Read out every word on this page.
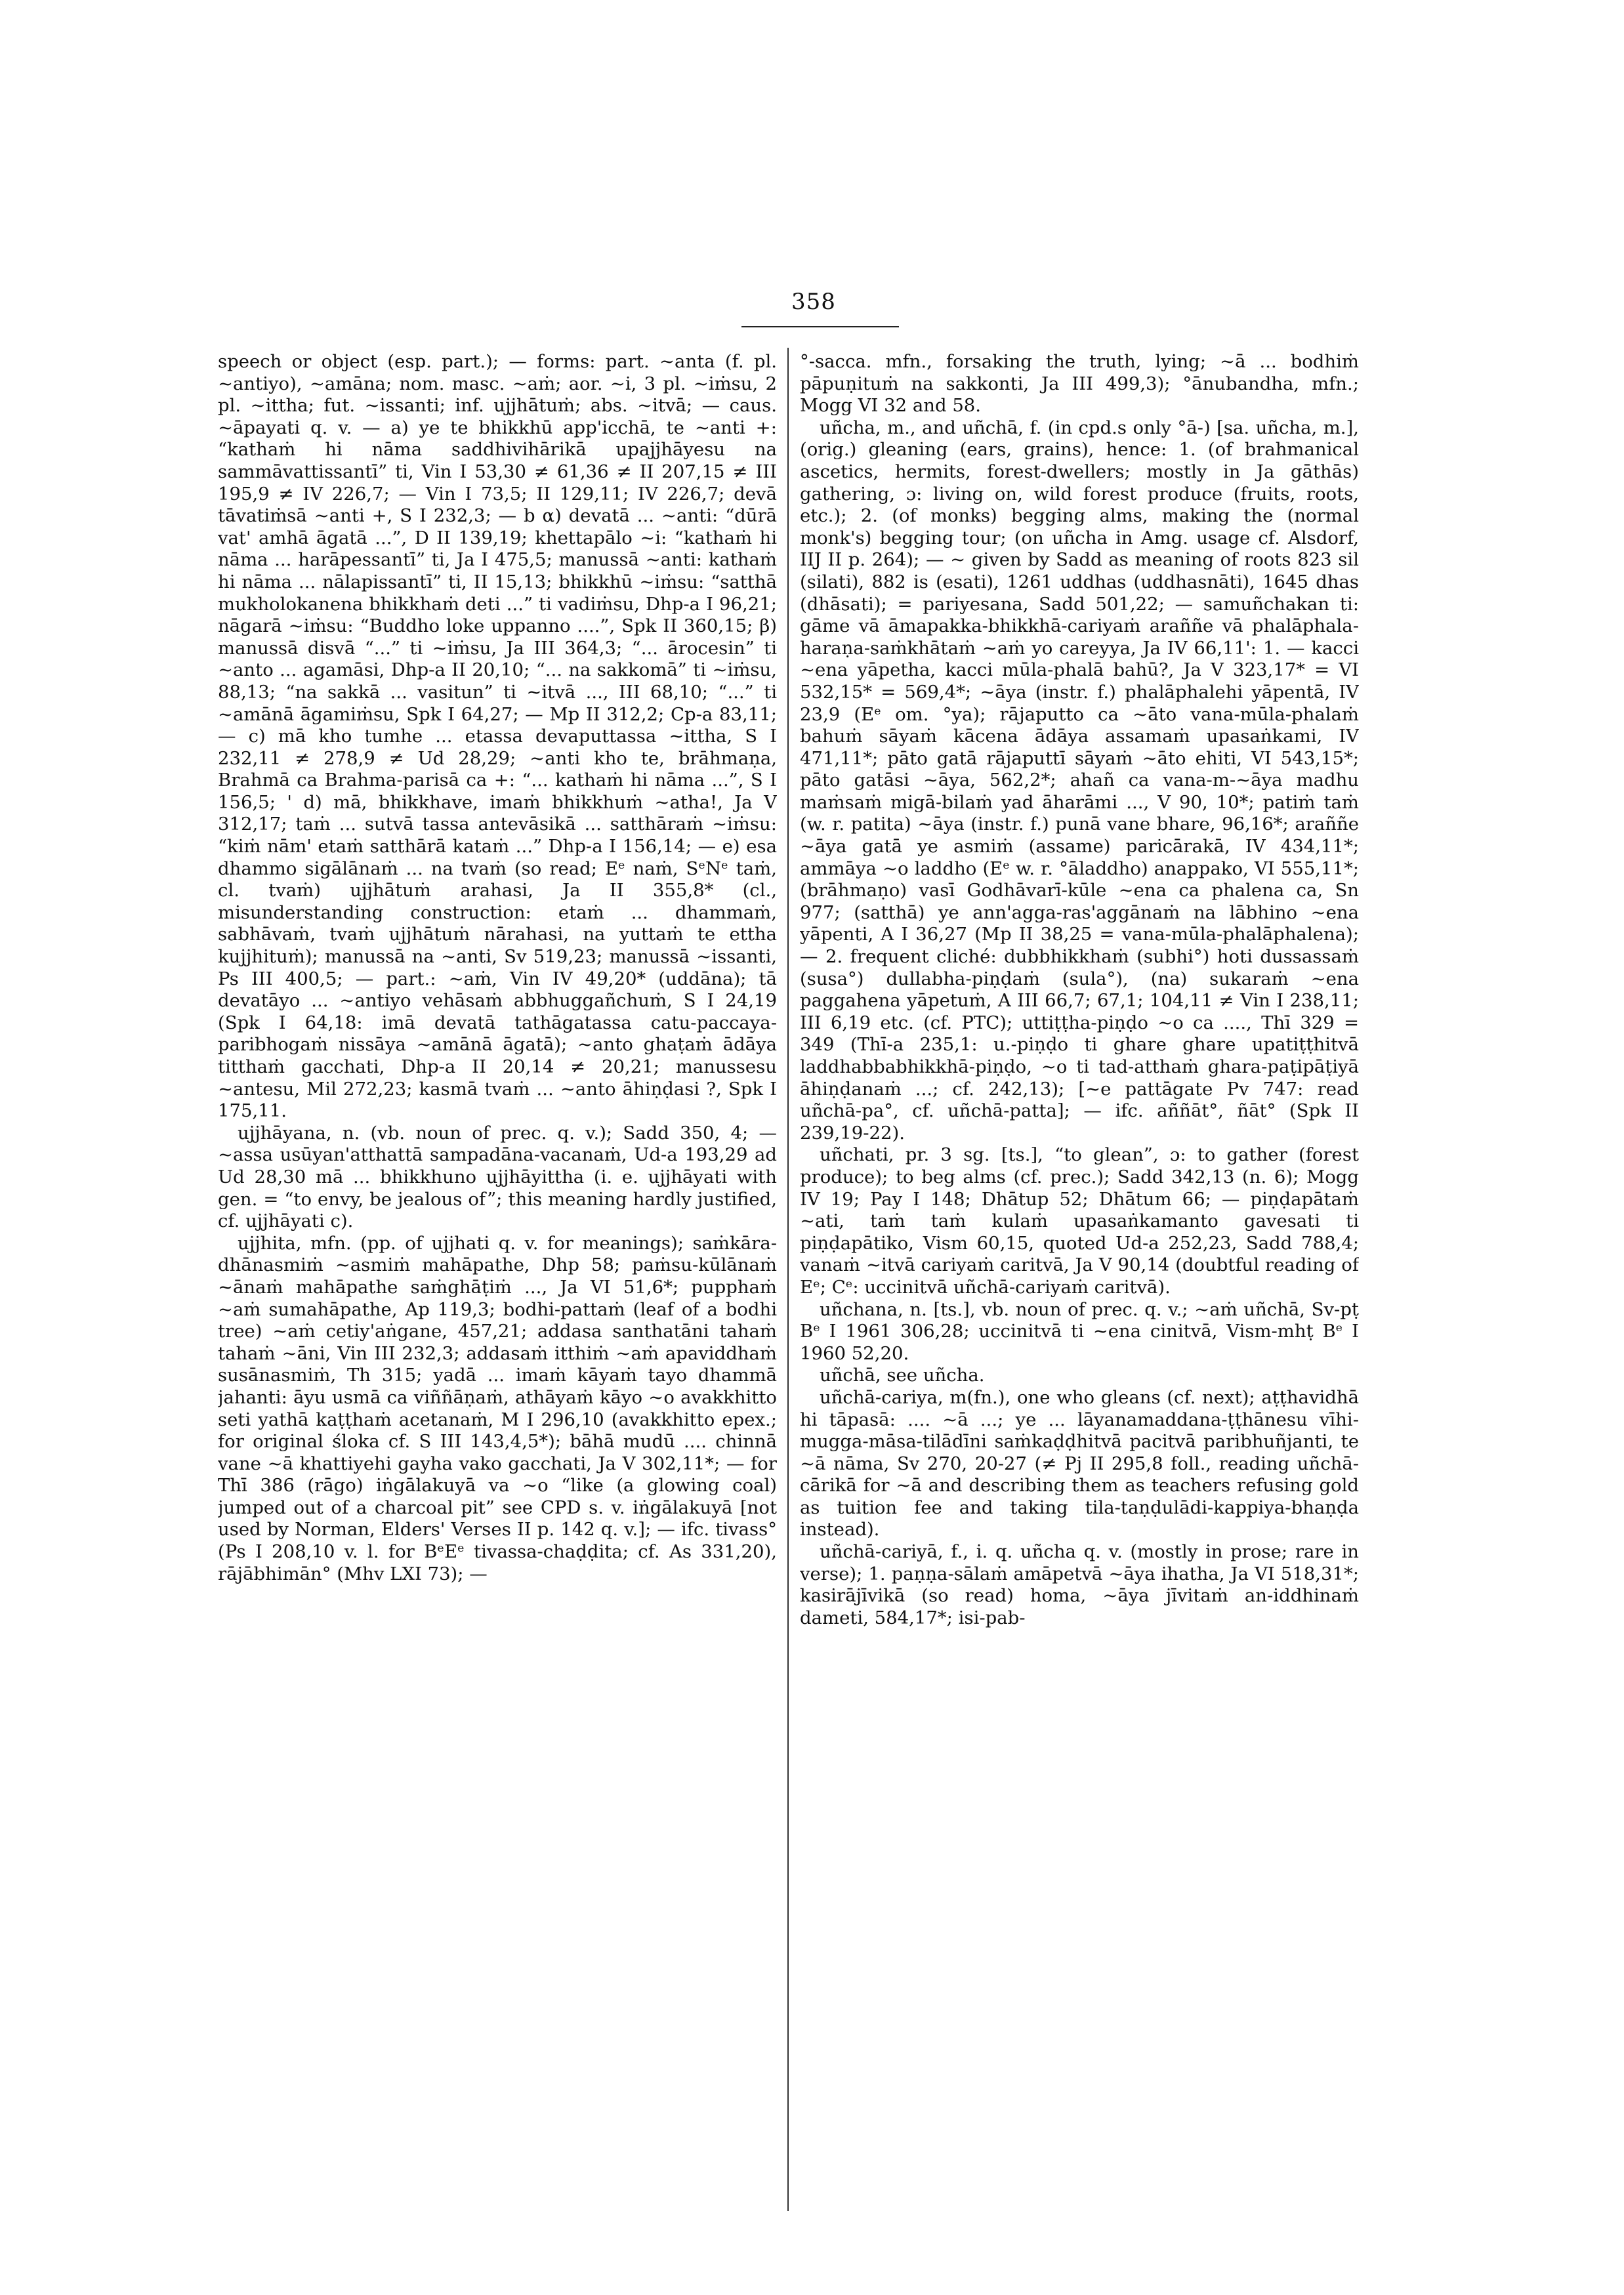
358

speech or object (esp. part.); — forms: part. ~anta (f. pl. ~antiyo), ~amāna; nom. masc. ~aṁ; aor. ~i, 3 pl. ~iṁsu, 2 pl. ~ittha; fut. ~issanti; inf. ujjhātuṁ; abs. ~itvā; — caus. ~āpayati q. v. — a) ye te bhikkhū app'icchā, te ~anti +: “kathaṁ hi nāma saddhivihārikā upajjhāyesu na sammāvattissantī” ti, Vin I 53,30 ≠ 61,36 ≠ II 207,15 ≠ III 195,9 ≠ IV 226,7; — Vin I 73,5; II 129,11; IV 226,7; devā tāvatiṁsā ~anti +, S I 232,3; — b α) devatā ... ~anti: “dūrā vat' amhā āgatā ...”, D II 139,19; khettapālo ~i: “kathaṁ hi nāma ... harāpessantī” ti, Ja I 475,5; manussā ~anti: kathaṁ hi nāma ... nālapissantī” ti, II 15,13; bhikkhū ~iṁsu: “satthā mukholokanena bhikkhaṁ deti ...” ti vadiṁsu, Dhp-a I 96,21; nāgarā ~iṁsu: “Buddho loke uppanno ....”, Spk II 360,15; β) manussā disvā “...” ti ~iṁsu, Ja III 364,3; “... ārocesin” ti ~anto ... agamāsi, Dhp-a II 20,10; “... na sakkomā” ti ~iṁsu, 88,13; “na sakkā ... vasitun” ti ~itvā ..., III 68,10; “...” ti ~amānā āgamiṁsu, Spk I 64,27; — Mp II 312,2; Cp-a 83,11; — c) mā kho tumhe ... etassa devaputtassa ~ittha, S I 232,11 ≠ 278,9 ≠ Ud 28,29; ~anti kho te, brāhmaṇa, Brahmā ca Brahma-parisā ca +: “... kathaṁ hi nāma ...”, S I 156,5; ' d) mā, bhikkhave, imaṁ bhikkhuṁ ~atha!, Ja V 312,17; taṁ ... sutvā tassa antevāsikā ... satthāraṁ ~iṁsu: “kiṁ nām' etaṁ satthārā kataṁ ...” Dhp-a I 156,14; — e) esa dhammo sigālānaṁ ... na tvaṁ (so read; Eᵉ naṁ, SᵉNᵉ taṁ, cl. tvaṁ) ujjhātuṁ arahasi, Ja II 355,8* (cl., misunderstanding construction: etaṁ ... dhammaṁ, sabhāvaṁ, tvaṁ ujjhātuṁ nārahasi, na yuttaṁ te ettha kujjhituṁ); manussā na ~anti, Sv 519,23; manussā ~issanti, Ps III 400,5; — part.: ~aṁ, Vin IV 49,20* (uddāna); tā devatāyo ... ~antiyo vehāsaṁ abbhuggañchuṁ, S I 24,19 (Spk I 64,18: imā devatā tathāgatassa catu-paccaya-paribhogaṁ nissāya ~amānā āgatā); ~anto ghaṭaṁ ādāya titthaṁ gacchati, Dhp-a II 20,14 ≠ 20,21; manussesu ~antesu, Mil 272,23; kasmā tvaṁ ... ~anto āhiṇḍasi ?, Spk I 175,11.

ujjhāyana, n. (vb. noun of prec. q. v.); Sadd 350, 4; — ~assa usūyan'atthattā sampadāna-vacanaṁ, Ud-a 193,29 ad Ud 28,30 mā ... bhikkhuno ujjhāyittha (i. e. ujjhāyati with gen. = “to envy, be jealous of”; this meaning hardly justified, cf. ujjhāyati c).

ujjhita, mfn. (pp. of ujjhati q. v. for meanings); saṁkāra-dhānasmiṁ ~asmiṁ mahāpathe, Dhp 58; paṁsu-kūlānaṁ ~ānaṁ mahāpathe saṁghāṭiṁ ..., Ja VI 51,6*; pupphaṁ ~aṁ sumahāpathe, Ap 119,3; bodhi-pattaṁ (leaf of a bodhi tree) ~aṁ cetiy'aṅgane, 457,21; addasa santhatāni tahaṁ tahaṁ ~āni, Vin III 232,3; addasaṁ itthiṁ ~aṁ apaviddhaṁ susānasmiṁ, Th 315; yadā ... imaṁ kāyaṁ tayo dhammā jahanti: āyu usmā ca viññāṇaṁ, athāyaṁ kāyo ~o avakkhitto seti yathā kaṭṭhaṁ acetanaṁ, M I 296,10 (avakkhitto epex.; for original śloka cf. S III 143,4,5*); bāhā mudū .... chinnā vane ~ā khattiyehi gayha vako gacchati, Ja V 302,11*; — for Thī 386 (rāgo) iṅgālakuyā va ~o “like (a glowing coal) jumped out of a charcoal pit” see CPD s. v. iṅgālakuyā [not used by Norman, Elders' Verses II p. 142 q. v.]; — ifc. tivass° (Ps I 208,10 v. l. for BᵉEᵉ tivassa-chaḍḍita; cf. As 331,20), rājābhimān° (Mhv LXI 73); —

°-sacca. mfn., forsaking the truth, lying; ~ā ... bodhiṁ pāpuṇituṁ na sakkonti, Ja III 499,3); °ānubandha, mfn.; Mogg VI 32 and 58.

uñcha, m., and uñchā, f. (in cpd.s only °ā-) [sa. uñcha, m.], (orig.) gleaning (ears, grains), hence: 1. (of brahmanical ascetics, hermits, forest-dwellers; mostly in Ja gāthās) gathering, ɔ: living on, wild forest produce (fruits, roots, etc.); 2. (of monks) begging alms, making the (normal monk's) begging tour; (on uñcha in Amg. usage cf. Alsdorf, IIJ II p. 264); — ~ given by Sadd as meaning of roots 823 sil (silati), 882 is (esati), 1261 uddhas (uddhasnāti), 1645 dhas (dhāsati); = pariyesana, Sadd 501,22; — samuñchakan ti: gāme vā āmapakka-bhikkhā-cariyaṁ araññe vā phalāphala-haraṇa-saṁkhātaṁ ~aṁ yo careyya, Ja IV 66,11': 1. — kacci ~ena yāpetha, kacci mūla-phalā bahū?, Ja V 323,17* = VI 532,15* = 569,4*; ~āya (instr. f.) phalāphalehi yāpentā, IV 23,9 (Eᵉ om. °ya); rājaputto ca ~āto vana-mūla-phalaṁ bahuṁ sāyaṁ kācena ādāya assamaṁ upasaṅkami, IV 471,11*; pāto gatā rājaputtī sāyaṁ ~āto ehiti, VI 543,15*; pāto gatāsi ~āya, 562,2*; ahañ ca vana-m-~āya madhu maṁsaṁ migā-bilaṁ yad āharāmi ..., V 90, 10*; patiṁ taṁ (w. r. patita) ~āya (instr. f.) punā vane bhare, 96,16*; araññe ~āya gatā ye asmiṁ (assame) paricārakā, IV 434,11*; ammāya ~o laddho (Eᵉ w. r. °āladdho) anappako, VI 555,11*; (brāhmaṇo) vasī Godhāvarī-kūle ~ena ca phalena ca, Sn 977; (satthā) ye ann'agga-ras'aggānaṁ na lābhino ~ena yāpenti, A I 36,27 (Mp II 38,25 = vana-mūla-phalāphalena); — 2. frequent cliché: dubbhikkhaṁ (subhi°) hoti dussassaṁ (susa°) dullabha-piṇḍaṁ (sula°), (na) sukaraṁ ~ena paggahena yāpetuṁ, A III 66,7; 67,1; 104,11 ≠ Vin I 238,11; III 6,19 etc. (cf. PTC); uttiṭṭha-piṇḍo ~o ca ...., Thī 329 = 349 (Thī-a 235,1: u.-piṇḍo ti ghare ghare upatiṭṭhitvā laddhabbabhikkhā-piṇḍo, ~o ti tad-atthaṁ ghara-paṭipāṭiyā āhiṇḍanaṁ ...; cf. 242,13); [~e pattāgate Pv 747: read uñchā-pa°, cf. uñchā-patta]; — ifc. aññāt°, ñāt° (Spk II 239,19-22).

uñchati, pr. 3 sg. [ts.], “to glean”, ɔ: to gather (forest produce); to beg alms (cf. prec.); Sadd 342,13 (n. 6); Mogg IV 19; Pay I 148; Dhātup 52; Dhātum 66; — piṇḍapātaṁ ~ati, taṁ taṁ kulaṁ upasaṅkamanto gavesati ti piṇḍapātiko, Vism 60,15, quoted Ud-a 252,23, Sadd 788,4; vanaṁ ~itvā cariyaṁ caritvā, Ja V 90,14 (doubtful reading of Eᵉ; Cᵉ: uccinitvā uñchā-cariyaṁ caritvā).

uñchana, n. [ts.], vb. noun of prec. q. v.; ~aṁ uñchā, Sv-pṭ Bᵉ I 1961 306,28; uccinitvā ti ~ena cinitvā, Vism-mhṭ Bᵉ I 1960 52,20.

uñchā, see uñcha.

uñchā-cariya, m(fn.), one who gleans (cf. next); aṭṭhavidhā hi tāpasā: .... ~ā ...; ye ... lāyanamaddana-ṭṭhānesu vīhi-mugga-māsa-tilādīni saṁkaḍḍhitvā pacitvā paribhuñjanti, te ~ā nāma, Sv 270, 20-27 (≠ Pj II 295,8 foll., reading uñchā-cārikā for ~ā and describing them as teachers refusing gold as tuition fee and taking tila-taṇḍulādi-kappiya-bhaṇḍa instead).

uñchā-cariyā, f., i. q. uñcha q. v. (mostly in prose; rare in verse); 1. paṇṇa-sālaṁ amāpetvā ~āya ihatha, Ja VI 518,31*; kasirājīvikā (so read) homa, ~āya jīvitaṁ an-iddhinaṁ dameti, 584,17*; isi-pab-
